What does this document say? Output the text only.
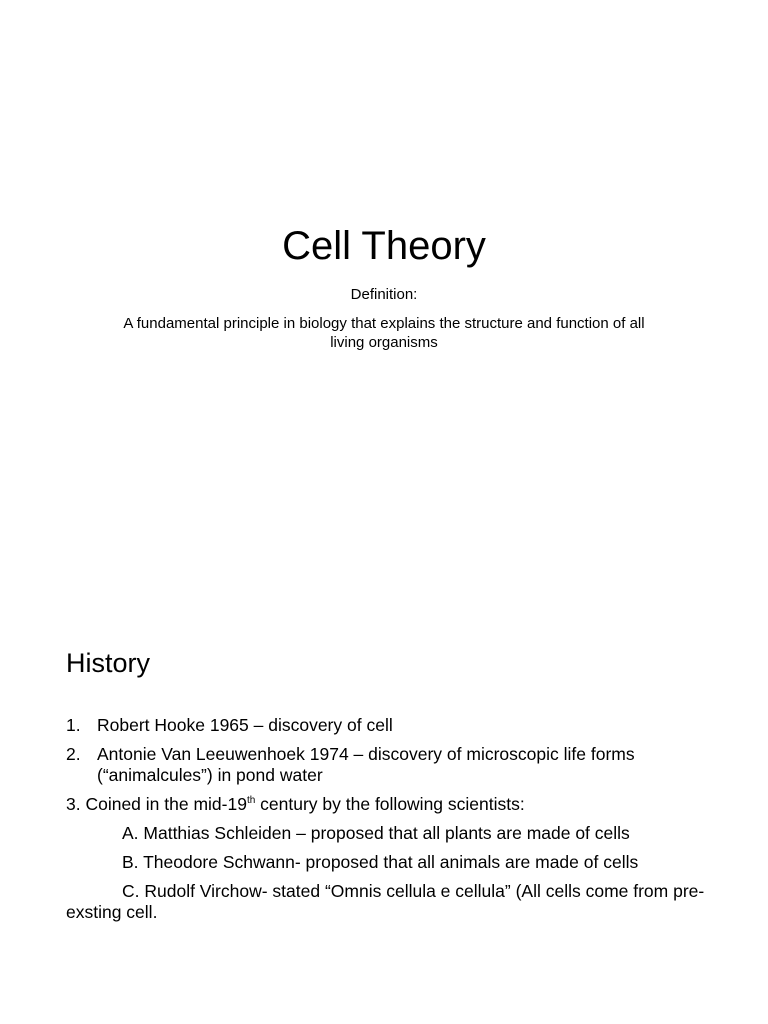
Cell Theory
Definition:
A fundamental principle in biology that explains the structure and function of all living organisms
History
1. Robert Hooke 1965 – discovery of cell
2. Antonie Van Leeuwenhoek 1974 – discovery of microscopic life forms (“animalcules”) in pond water
3. Coined in the mid-19th century by the following scientists:
A. Matthias Schleiden – proposed that all plants are made of cells
B. Theodore Schwann- proposed that all animals are made of cells
C. Rudolf Virchow- stated “Omnis cellula e cellula” (All cells come from pre-exsting cell.
